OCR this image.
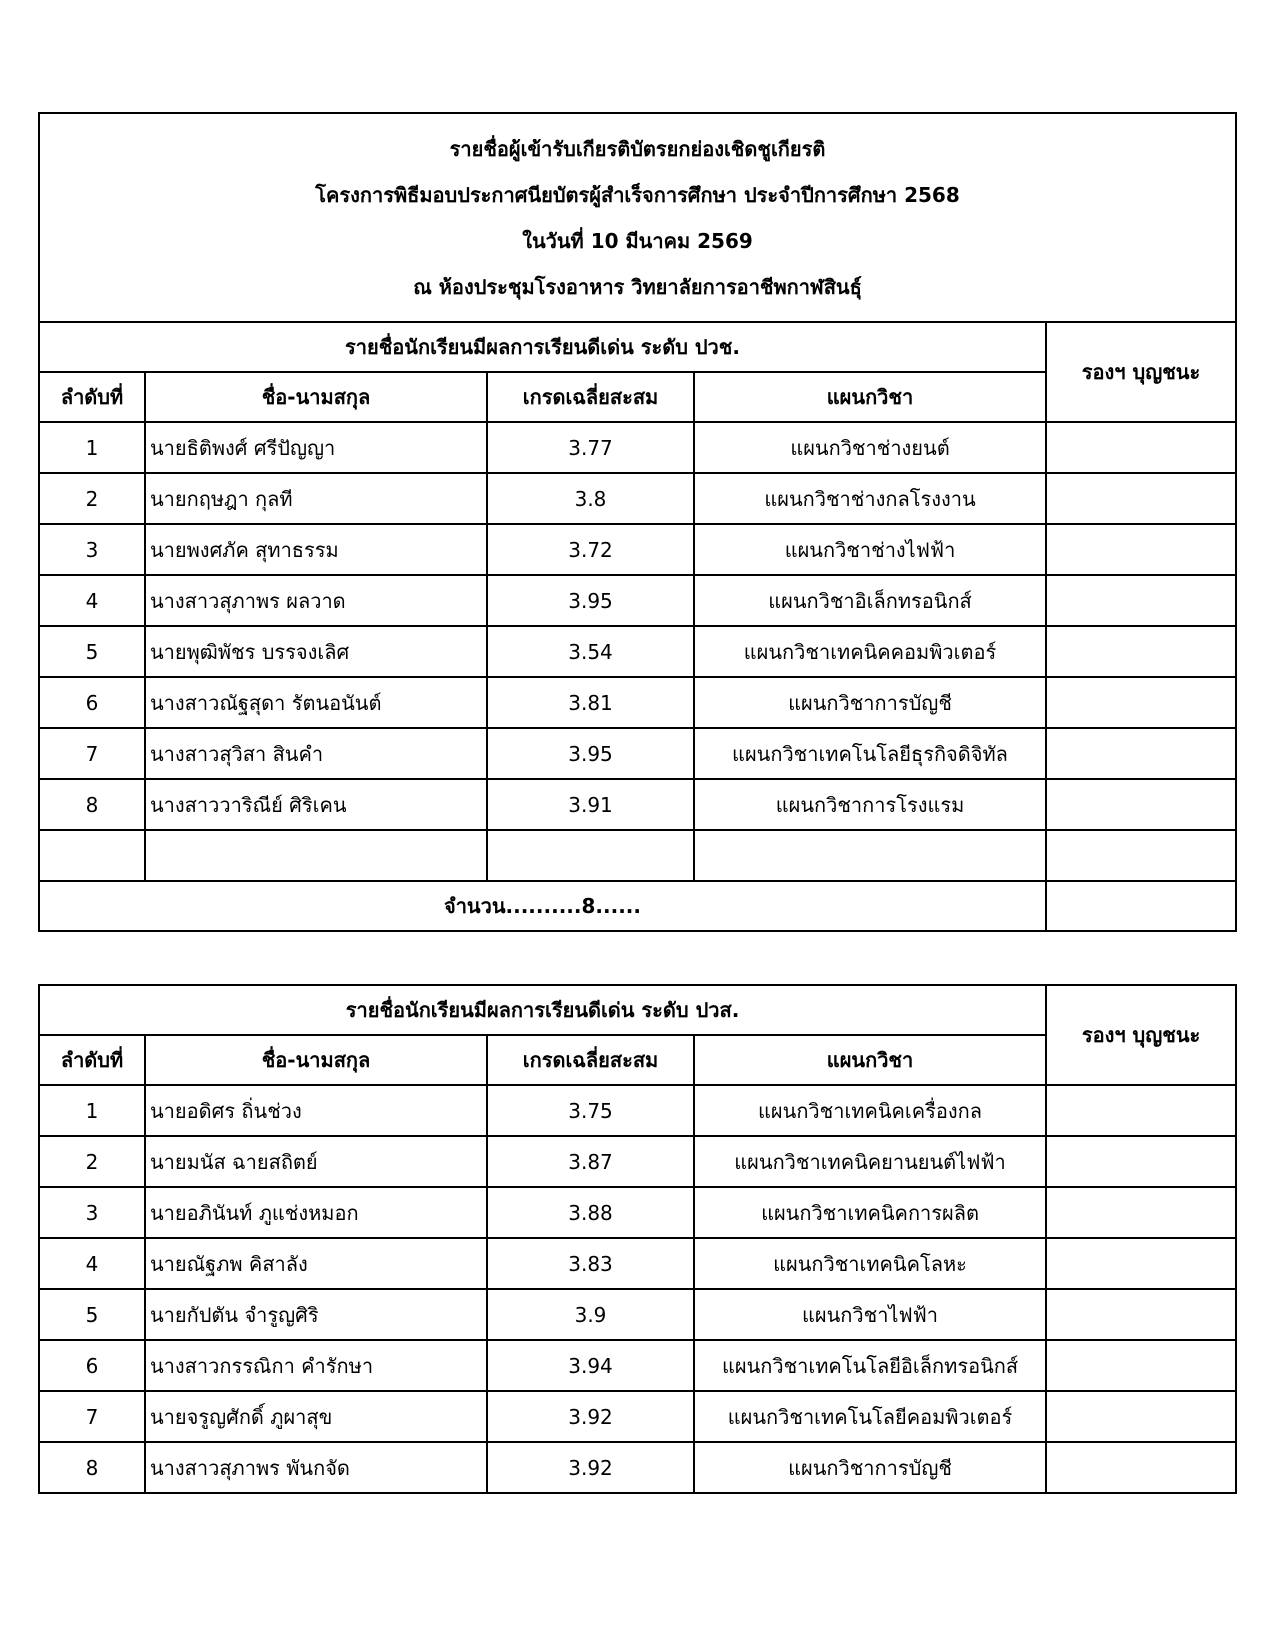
รายชื่อผู้เข้ารับเกียรติบัตรยกย่องเชิดชูเกียรติ
โครงการพิธีมอบประกาศนียบัตรผู้สำเร็จการศึกษา ประจำปีการศึกษา 2568
ในวันที่ 10 มีนาคม 2569
ณ ห้องประชุมโรงอาหาร วิทยาลัยการอาชีพกาฬสินธุ์				

รายชื่อนักเรียนมีผลการเรียนดีเด่น ระดับ ปวช.				รองฯ บุญชนะ
ลำดับที่	ชื่อ-นามสกุล	เกรดเฉลี่ยสะสม	แผนกวิชา	
1	นายธิติพงศ์ ศรีปัญญา	3.77	แผนกวิชาช่างยนต์	
2	นายกฤษฎา กุลที	3.8	แผนกวิชาช่างกลโรงงาน	
3	นายพงศภัค สุทาธรรม	3.72	แผนกวิชาช่างไฟฟ้า	
4	นางสาวสุภาพร ผลวาด	3.95	แผนกวิชาอิเล็กทรอนิกส์	
5	นายพุฒิพัชร บรรจงเลิศ	3.54	แผนกวิชาเทคนิคคอมพิวเตอร์	
6	นางสาวณัฐสุดา รัตนอนันต์	3.81	แผนกวิชาการบัญชี	
7	นางสาวสุวิสา สินคำ	3.95	แผนกวิชาเทคโนโลยีธุรกิจดิจิทัล	
8	นางสาววาริณีย์ ศิริเคน	3.91	แผนกวิชาการโรงแรม	

จำนวน..........8......				
รายชื่อนักเรียนมีผลการเรียนดีเด่น ระดับ ปวส.				รองฯ บุญชนะ
ลำดับที่	ชื่อ-นามสกุล	เกรดเฉลี่ยสะสม	แผนกวิชา	
1	นายอดิศร ถิ่นช่วง	3.75	แผนกวิชาเทคนิคเครื่องกล	
2	นายมนัส ฉายสถิตย์	3.87	แผนกวิชาเทคนิคยานยนต์ไฟฟ้า	
3	นายอภินันท์ ภูแช่งหมอก	3.88	แผนกวิชาเทคนิคการผลิต	
4	นายณัฐภพ คิสาลัง	3.83	แผนกวิชาเทคนิคโลหะ	
5	นายกัปตัน จำรูญศิริ	3.9	แผนกวิชาไฟฟ้า	
6	นางสาวกรรณิกา คำรักษา	3.94	แผนกวิชาเทคโนโลยีอิเล็กทรอนิกส์	
7	นายจรูญศักดิ์ ภูผาสุข	3.92	แผนกวิชาเทคโนโลยีคอมพิวเตอร์	
8	นางสาวสุภาพร พันกจัด	3.92	แผนกวิชาการบัญชี	
